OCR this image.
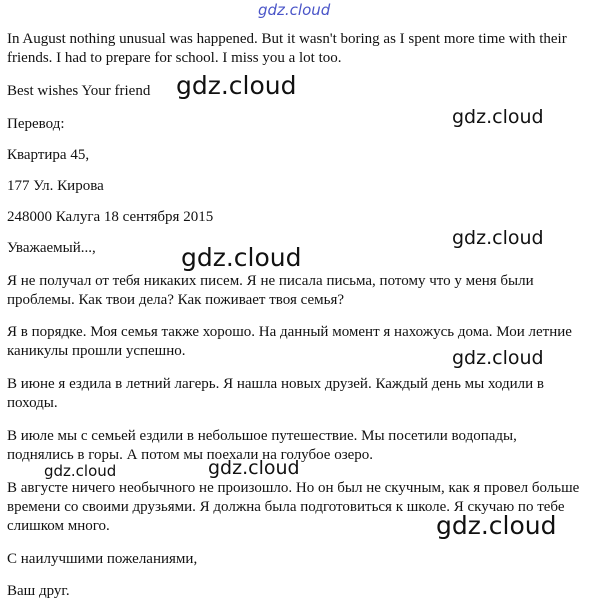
In August nothing unusual was happened. But it wasn't boring as I spent more time with their friends. I had to prepare for school. I miss you a lot too.
Best wishes Your friend
Перевод:
Квартира 45,
177 Ул. Кирова
248000 Калуга 18 сентября 2015
Уважаемый...,
Я не получал от тебя никаких писем. Я не писала письма, потому что у меня были проблемы. Как твои дела? Как поживает твоя семья?
Я в порядке. Моя семья также хорошо. На данный момент я нахожусь дома. Мои летние каникулы прошли успешно.
В июне я ездила в летний лагерь. Я нашла новых друзей. Каждый день мы ходили в походы.
В июле мы с семьей ездили в небольшое путешествие. Мы посетили водопады, поднялись в горы. А потом мы поехали на голубое озеро.
В августе ничего необычного не произошло. Но он был не скучным, как я провел больше времени со своими друзьями. Я должна была подготовиться к школе. Я скучаю по тебе слишком много.
С наилучшими пожеланиями,
Ваш друг.
gdz.cloud
gdz.cloud
gdz.cloud
gdz.cloud
gdz.cloud
gdz.cloud
gdz.cloud	gdz.cloud
gdz.cloud
